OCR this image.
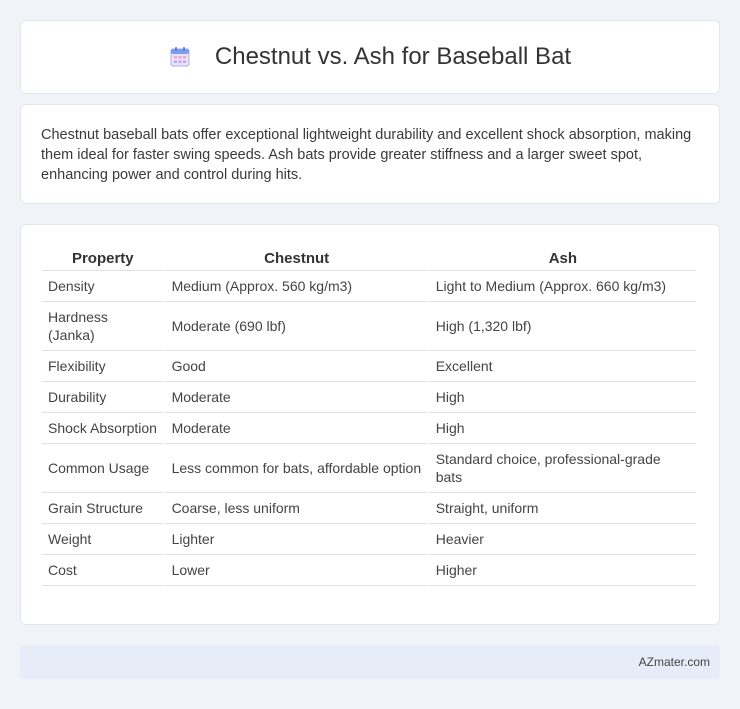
Chestnut vs. Ash for Baseball Bat

Chestnut baseball bats offer exceptional lightweight durability and excellent shock absorption, making them ideal for faster swing speeds. Ash bats provide greater stiffness and a larger sweet spot, enhancing power and control during hits.

Property	Chestnut	Ash
Density	Medium (Approx. 560 kg/m3)	Light to Medium (Approx. 660 kg/m3)
Hardness (Janka)	Moderate (690 lbf)	High (1,320 lbf)
Flexibility	Good	Excellent
Durability	Moderate	High
Shock Absorption	Moderate	High
Common Usage	Less common for bats, affordable option	Standard choice, professional-grade bats
Grain Structure	Coarse, less uniform	Straight, uniform
Weight	Lighter	Heavier
Cost	Lower	Higher
AZmater.com
